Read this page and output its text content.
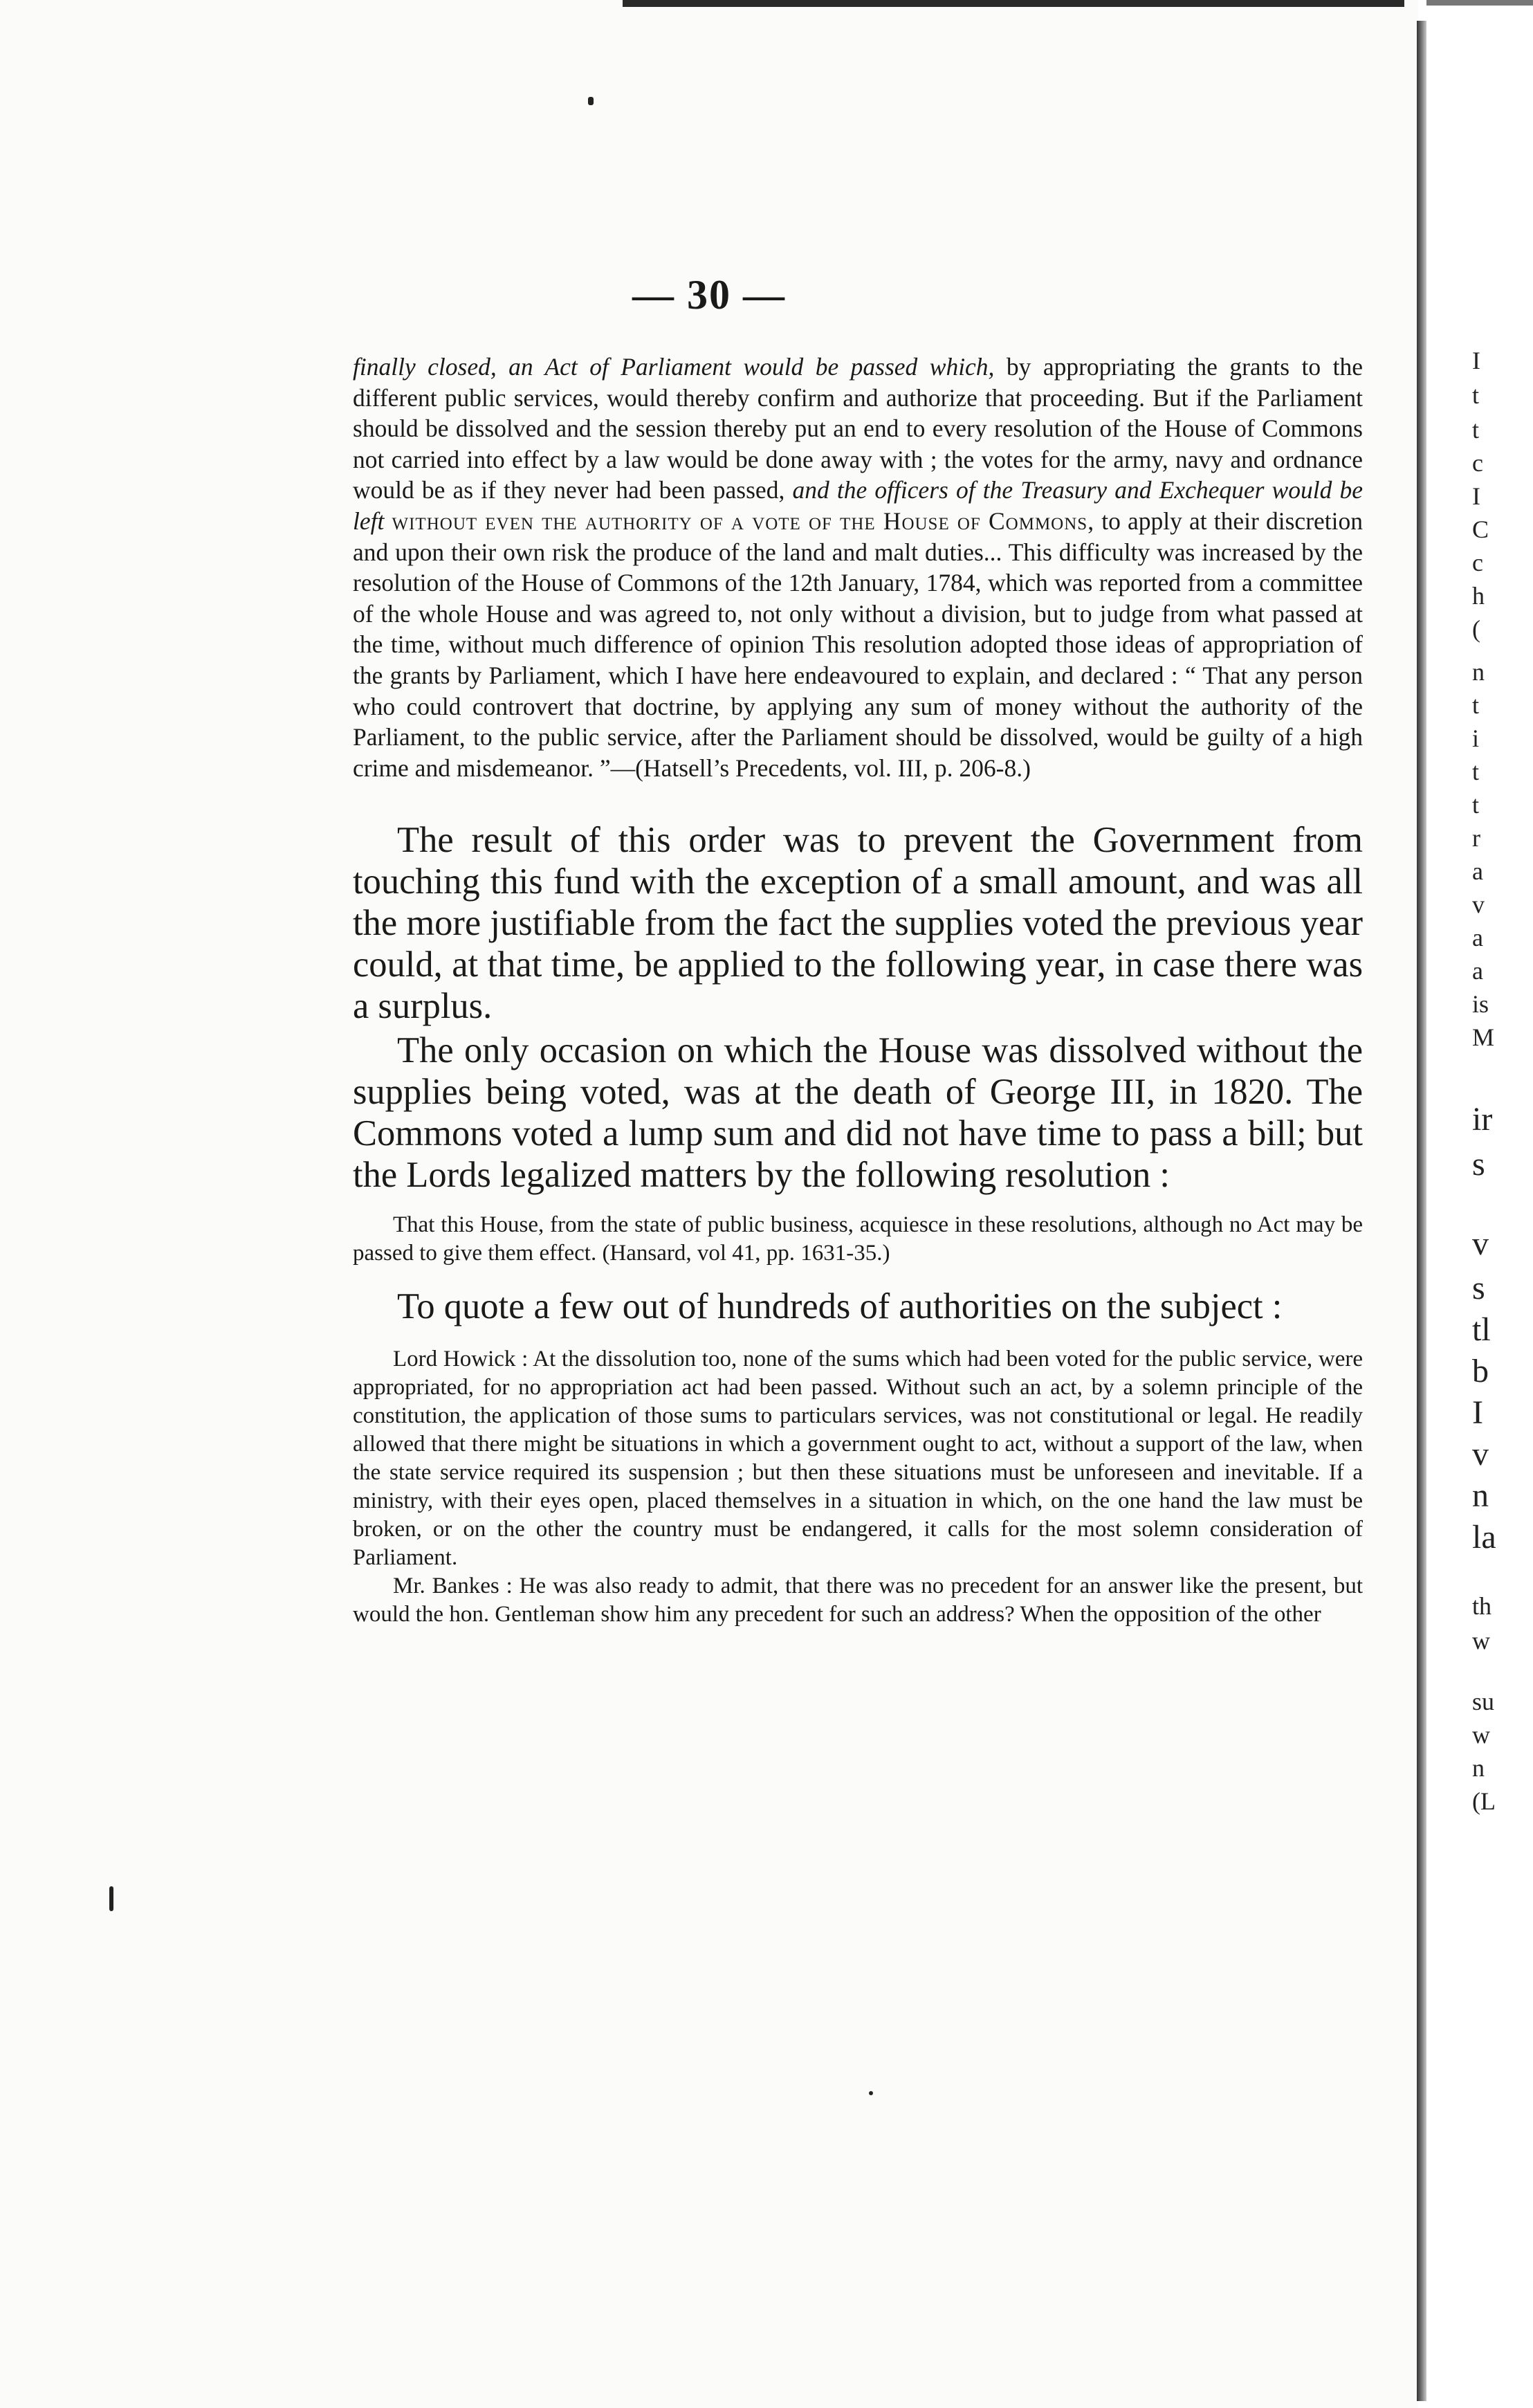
I
t
t
c
I
C
c
h
(
n
t
i
t
t
r
a
v
a
a
is
M
ir
s
v
s
tl
b
I
v
n
la
th
w
su
w
n
(L
— 30 —

finally closed, an Act of Parliament would be passed which, by appropriating the grants to the different public services, would thereby confirm and authorize that proceeding. But if the Parliament should be dissolved and the session thereby put an end to every resolution of the House of Commons not carried into effect by a law would be done away with ; the votes for the army, navy and ordnance would be as if they never had been passed, and the officers of the Treasury and Exchequer would be left without even the authority of a vote of the House of Commons, to apply at their discretion and upon their own risk the produce of the land and malt duties... This difficulty was increased by the resolution of the House of Commons of the 12th January, 1784, which was reported from a committee of the whole House and was agreed to, not only without a division, but to judge from what passed at the time, without much difference of opinion This resolution adopted those ideas of appropriation of the grants by Parliament, which I have here endeavoured to explain, and declared : “ That any person who could controvert that doctrine, by applying any sum of money without the authority of the Parliament, to the public service, after the Parliament should be dissolved, would be guilty of a high crime and misdemeanor. ”—(Hatsell’s Precedents, vol. III, p. 206-8.)

The result of this order was to prevent the Government from touching this fund with the exception of a small amount, and was all the more justifiable from the fact the supplies voted the previous year could, at that time, be applied to the following year, in case there was a surplus.

The only occasion on which the House was dissolved without the supplies being voted, was at the death of George III, in 1820. The Commons voted a lump sum and did not have time to pass a bill; but the Lords legalized matters by the following resolution :

That this House, from the state of public business, acquiesce in these resolutions, although no Act may be passed to give them effect. (Hansard, vol 41, pp. 1631-35.)

To quote a few out of hundreds of authorities on the subject :

Lord Howick : At the dissolution too, none of the sums which had been voted for the public service, were appropriated, for no appropriation act had been passed. Without such an act, by a solemn principle of the constitution, the application of those sums to particulars services, was not constitutional or legal. He readily allowed that there might be situations in which a government ought to act, without a support of the law, when the state service required its suspension ; but then these situations must be unforeseen and inevitable. If a ministry, with their eyes open, placed themselves in a situation in which, on the one hand the law must be broken, or on the other the country must be endangered, it calls for the most solemn consideration of Parliament.

Mr. Bankes : He was also ready to admit, that there was no precedent for an answer like the present, but would the hon. Gentleman show him any precedent for such an address? When the opposition of the other
